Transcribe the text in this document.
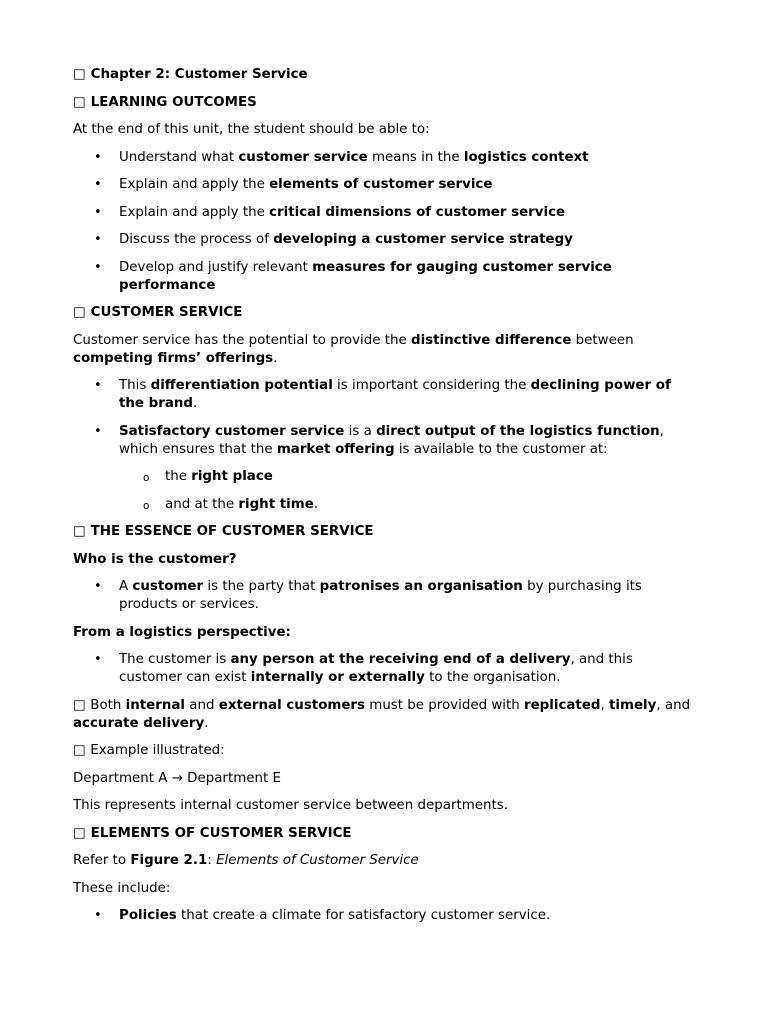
□ Chapter 2: Customer Service

□ LEARNING OUTCOMES

At the end of this unit, the student should be able to:

• Understand what customer service means in the logistics context
• Explain and apply the elements of customer service
• Explain and apply the critical dimensions of customer service
• Discuss the process of developing a customer service strategy
• Develop and justify relevant measures for gauging customer service performance

□ CUSTOMER SERVICE

Customer service has the potential to provide the distinctive difference between competing firms’ offerings.

• This differentiation potential is important considering the declining power of the brand.
• Satisfactory customer service is a direct output of the logistics function, which ensures that the market offering is available to the customer at:
o the right place
o and at the right time.

□ THE ESSENCE OF CUSTOMER SERVICE

Who is the customer?

• A customer is the party that patronises an organisation by purchasing its products or services.

From a logistics perspective:

• The customer is any person at the receiving end of a delivery, and this customer can exist internally or externally to the organisation.

□ Both internal and external customers must be provided with replicated, timely, and accurate delivery.

□ Example illustrated:

Department A → Department E

This represents internal customer service between departments.

□ ELEMENTS OF CUSTOMER SERVICE

Refer to Figure 2.1: Elements of Customer Service

These include:

• Policies that create a climate for satisfactory customer service.
